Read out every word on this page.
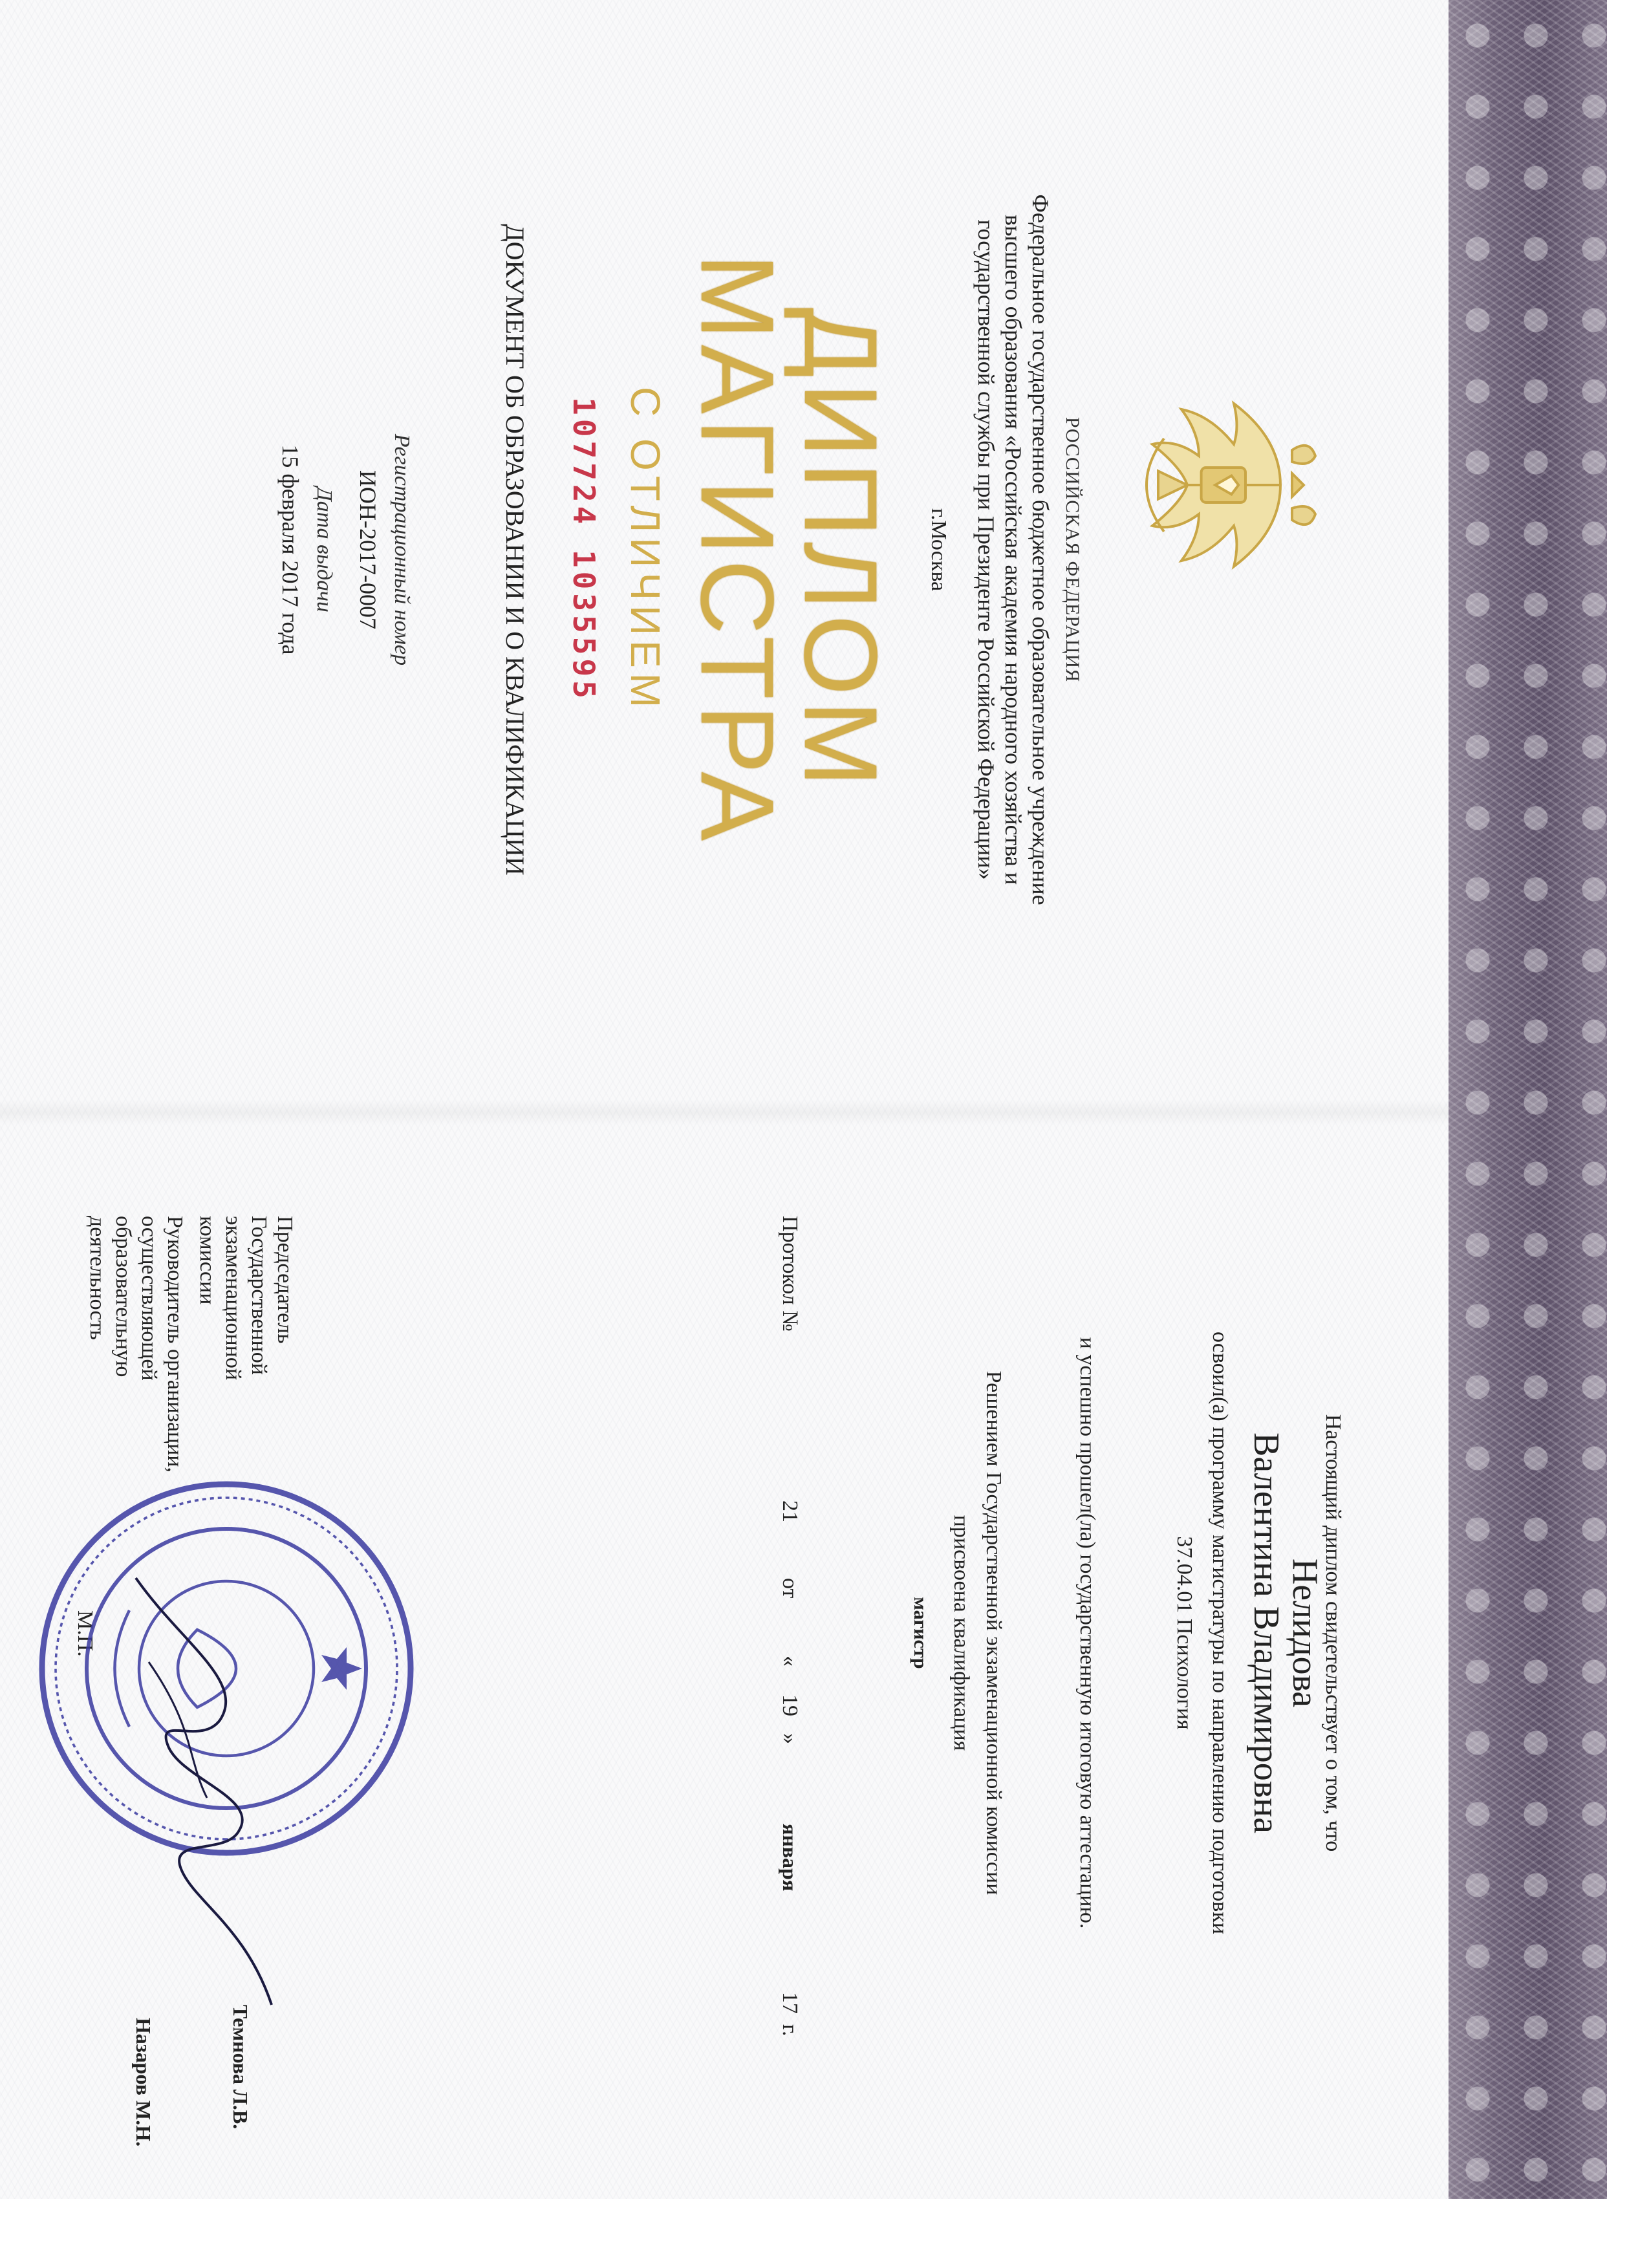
РОССИЙСКАЯ ФЕДЕРАЦИЯ
Федеральное государственное бюджетное образовательное учреждение
высшего образования «Российская академия народного хозяйства и
государственной службы при Президенте Российской Федерации»
г.Москва
ДИПЛОМ
МАГИСТРА
С ОТЛИЧИЕМ
107724 1035595
ДОКУМЕНТ ОБ ОБРАЗОВАНИИ И О КВАЛИФИКАЦИИ
Регистрационный номер
ИОН-2017-0007
Дата выдачи
15 февраля 2017 года
Настоящий диплом свидетельствует о том, что
Нелидова
Валентина Владимировна
освоил(а) программу магистратуры по направлению подготовки
37.04.01 Психология
и успешно прошел(ла) государственную итоговую аттестацию.
Решением Государственной экзаменационной комиссии
присвоена квалификация
магистр
Протокол №
21
от
«
19
»
января
17
г.
Председатель Государственной экзаменационной комиссии
Темнова Л.В.
Руководитель организации, осуществляющей образовательную деятельность
Назаров М.Н.
М.П.
